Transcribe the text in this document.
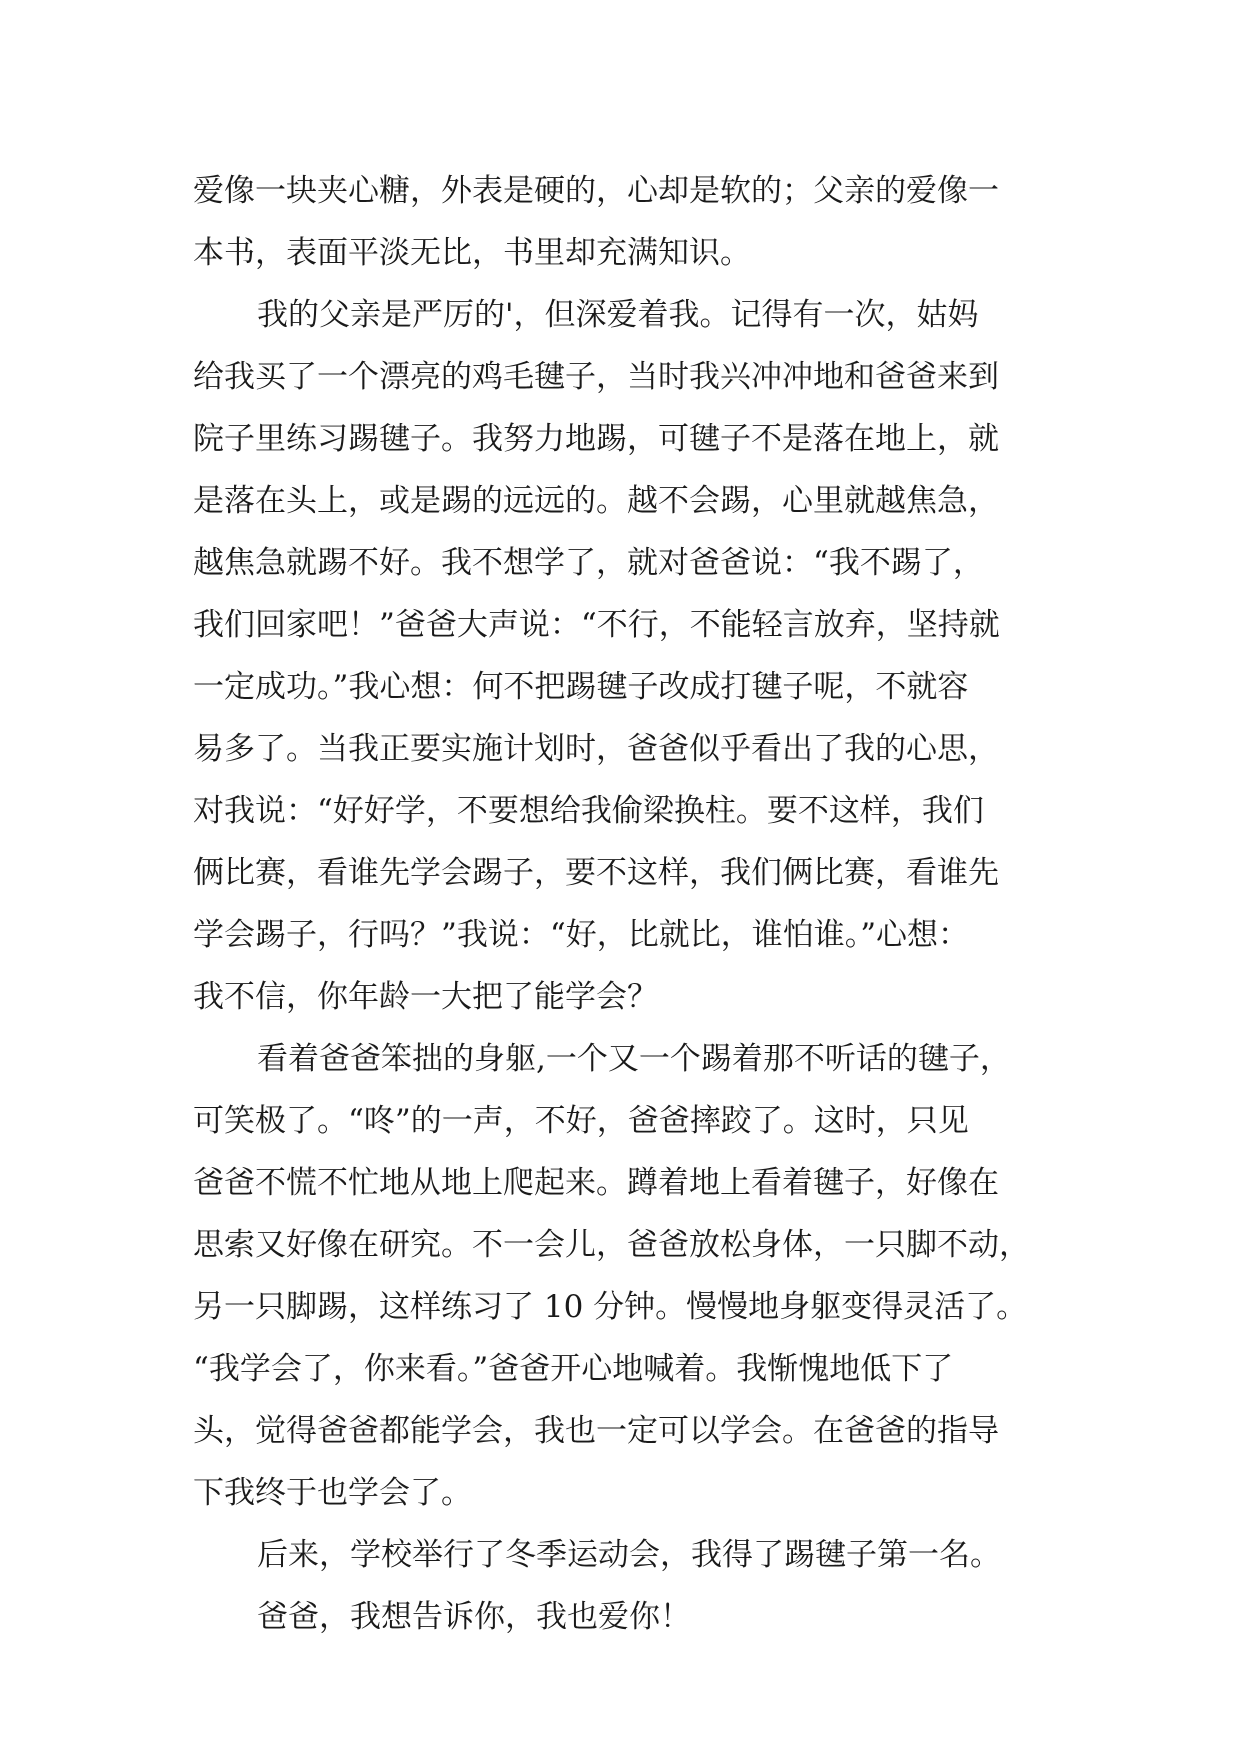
爱像一块夹心糖，外表是硬的，心却是软的；父亲的爱像一
本书，表面平淡无比，书里却充满知识。
我的父亲是严厉的'，但深爱着我。记得有一次，姑妈
给我买了一个漂亮的鸡毛毽子，当时我兴冲冲地和爸爸来到
院子里练习踢毽子。我努力地踢，可毽子不是落在地上，就
是落在头上，或是踢的远远的。越不会踢，心里就越焦急，
越焦急就踢不好。我不想学了，就对爸爸说：“我不踢了，
我们回家吧！”爸爸大声说：“不行，不能轻言放弃，坚持就
一定成功。”我心想：何不把踢毽子改成打毽子呢，不就容
易多了。当我正要实施计划时，爸爸似乎看出了我的心思，
对我说：“好好学，不要想给我偷梁换柱。要不这样，我们
俩比赛，看谁先学会踢子，要不这样，我们俩比赛，看谁先
学会踢子，行吗？”我说：“好，比就比，谁怕谁。”心想：
我不信，你年龄一大把了能学会？
看着爸爸笨拙的身躯,一个又一个踢着那不听话的毽子，
可笑极了。“咚”的一声，不好，爸爸摔跤了。这时，只见
爸爸不慌不忙地从地上爬起来。蹲着地上看着毽子，好像在
思索又好像在研究。不一会儿，爸爸放松身体，一只脚不动，
另一只脚踢，这样练习了 10 分钟。慢慢地身躯变得灵活了。
“我学会了，你来看。”爸爸开心地喊着。我惭愧地低下了
头，觉得爸爸都能学会，我也一定可以学会。在爸爸的指导
下我终于也学会了。
后来，学校举行了冬季运动会，我得了踢毽子第一名。
爸爸，我想告诉你，我也爱你！
